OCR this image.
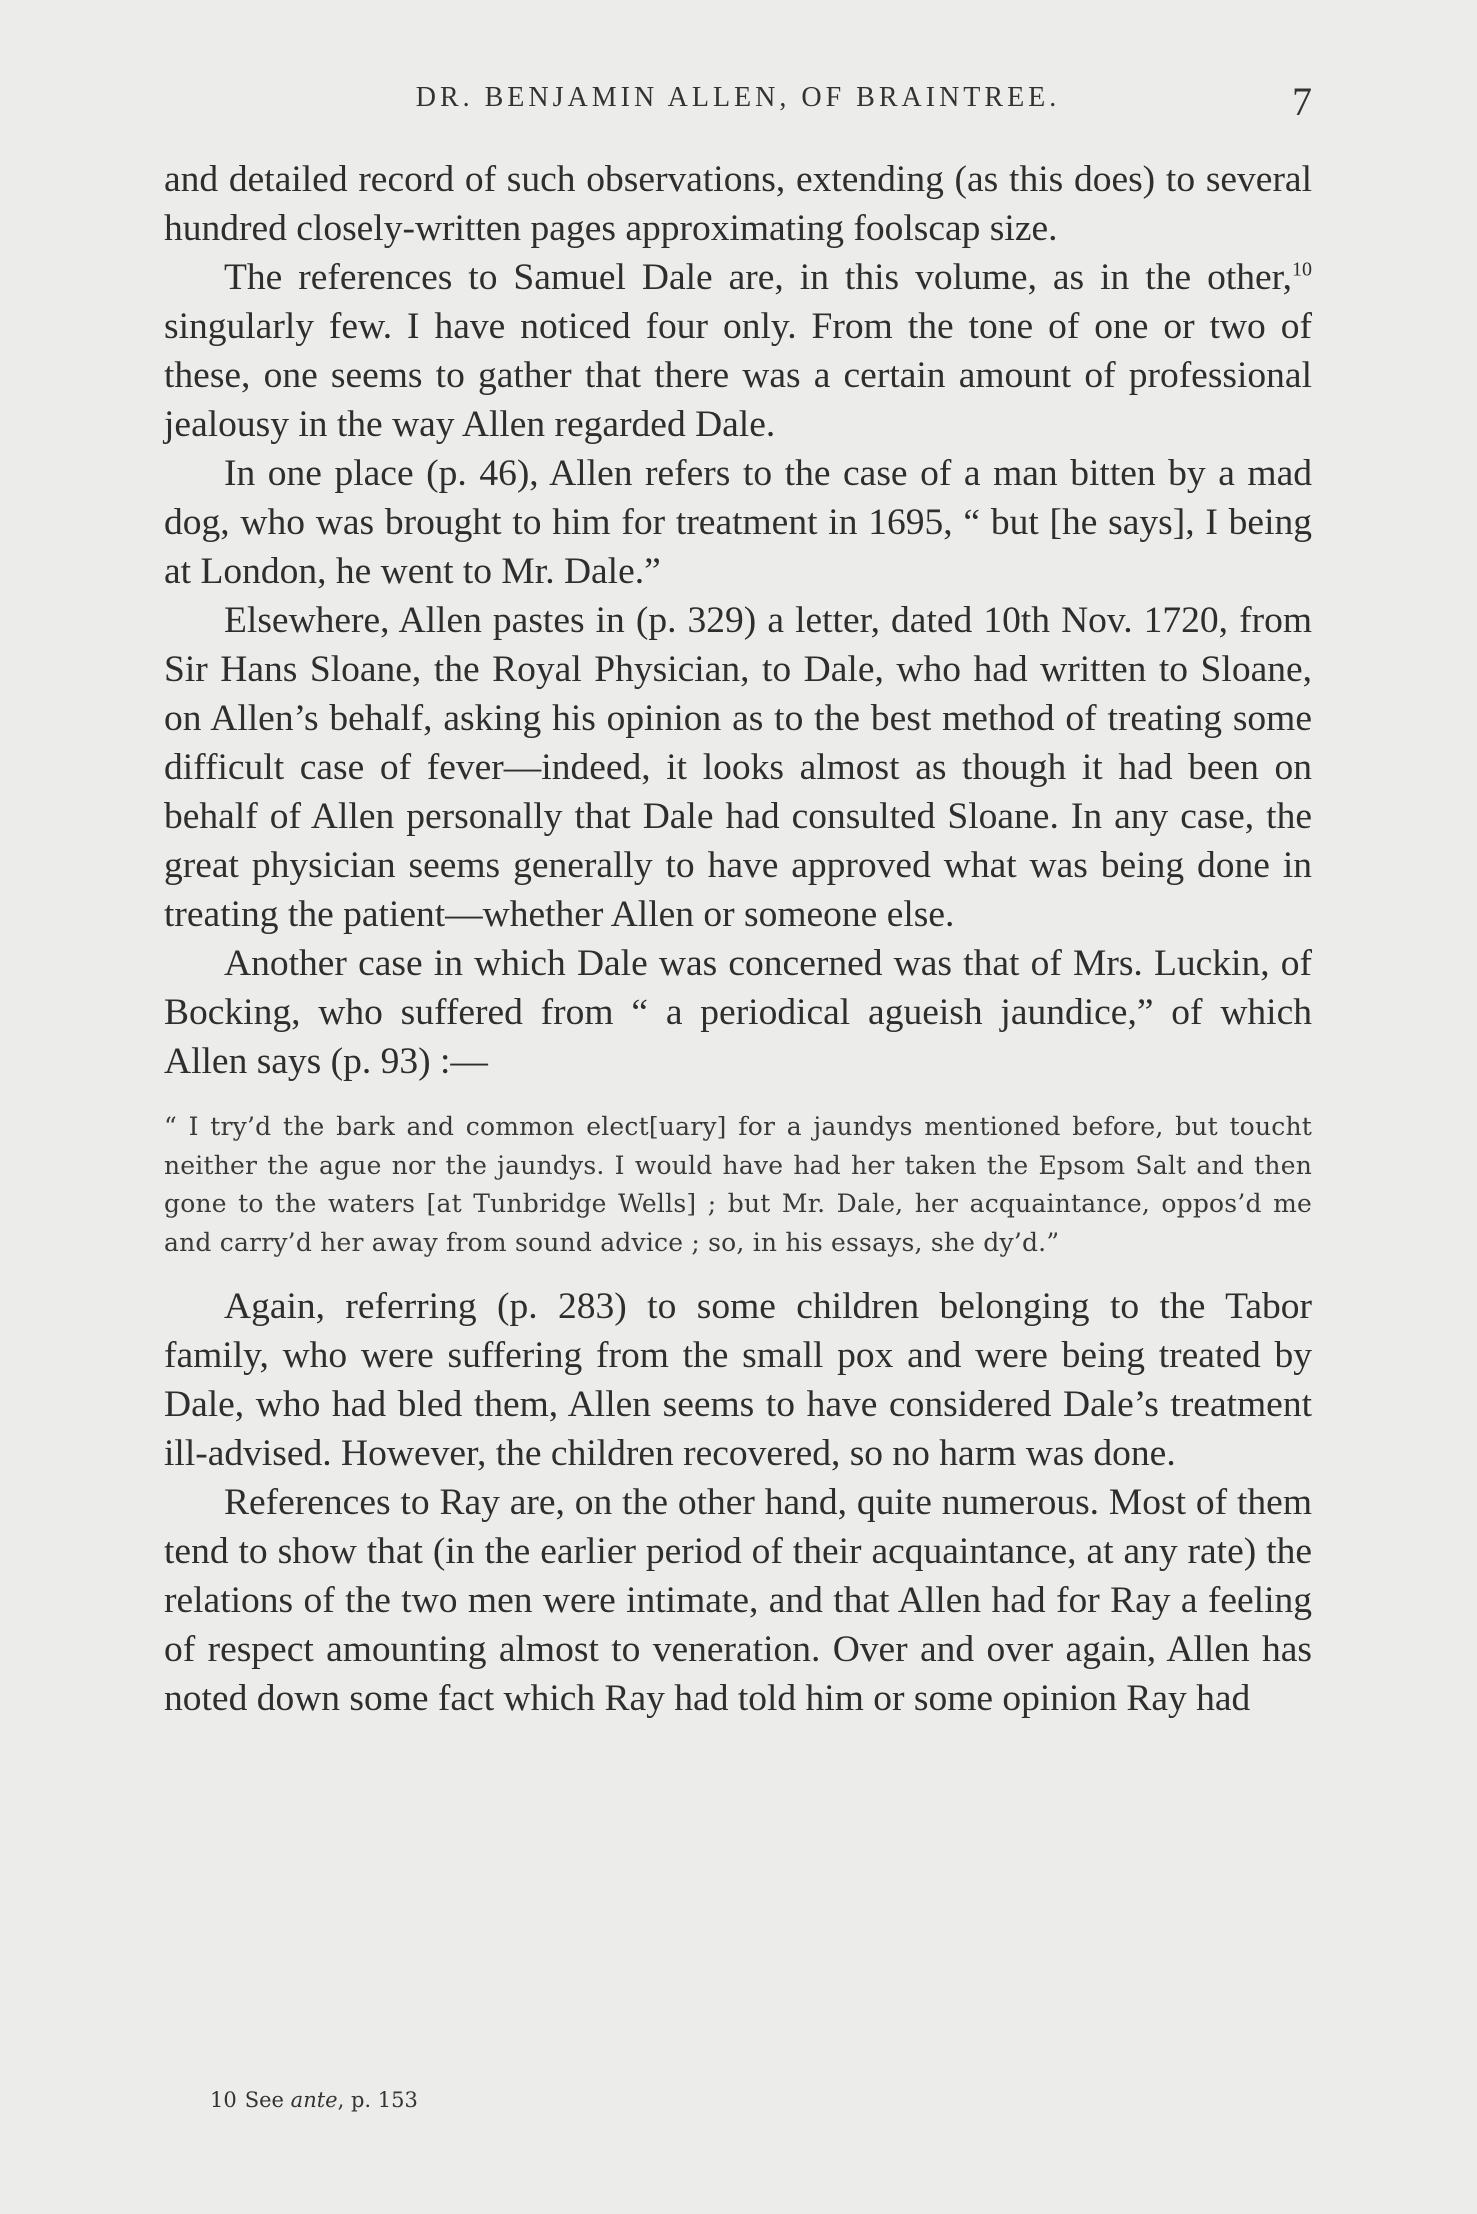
DR. BENJAMIN ALLEN, OF BRAINTREE.	7

and detailed record of such observations, extending (as this does) to several hundred closely-written pages approximating foolscap size.

The references to Samuel Dale are, in this volume, as in the other,$^{10}$ singularly few. I have noticed four only. From the tone of one or two of these, one seems to gather that there was a certain amount of professional jealousy in the way Allen regarded Dale.

In one place (p. 46), Allen refers to the case of a man bitten by a mad dog, who was brought to him for treatment in 1695, “ but [he says], I being at London, he went to Mr. Dale.”

Elsewhere, Allen pastes in (p. 329) a letter, dated 10th Nov. 1720, from Sir Hans Sloane, the Royal Physician, to Dale, who had written to Sloane, on Allen’s behalf, asking his opinion as to the best method of treating some difficult case of fever—indeed, it looks almost as though it had been on behalf of Allen personally that Dale had consulted Sloane. In any case, the great physician seems generally to have approved what was being done in treating the patient—whether Allen or someone else.

Another case in which Dale was concerned was that of Mrs. Luckin, of Bocking, who suffered from “ a periodical agueish jaundice,” of which Allen says (p. 93) :—

“ I try’d the bark and common elect[uary] for a jaundys mentioned before, but toucht neither the ague nor the jaundys. I would have had her taken the Epsom Salt and then gone to the waters [at Tunbridge Wells] ; but Mr. Dale, her acquaintance, oppos’d me and carry’d her away from sound advice ; so, in his essays, she dy’d.”

Again, referring (p. 283) to some children belonging to the Tabor family, who were suffering from the small pox and were being treated by Dale, who had bled them, Allen seems to have considered Dale’s treatment ill-advised. However, the children recovered, so no harm was done.

References to Ray are, on the other hand, quite numerous. Most of them tend to show that (in the earlier period of their acquaintance, at any rate) the relations of the two men were intimate, and that Allen had for Ray a feeling of respect amounting almost to veneration. Over and over again, Allen has noted down some fact which Ray had told him or some opinion Ray had

10 See ante, p. 153
